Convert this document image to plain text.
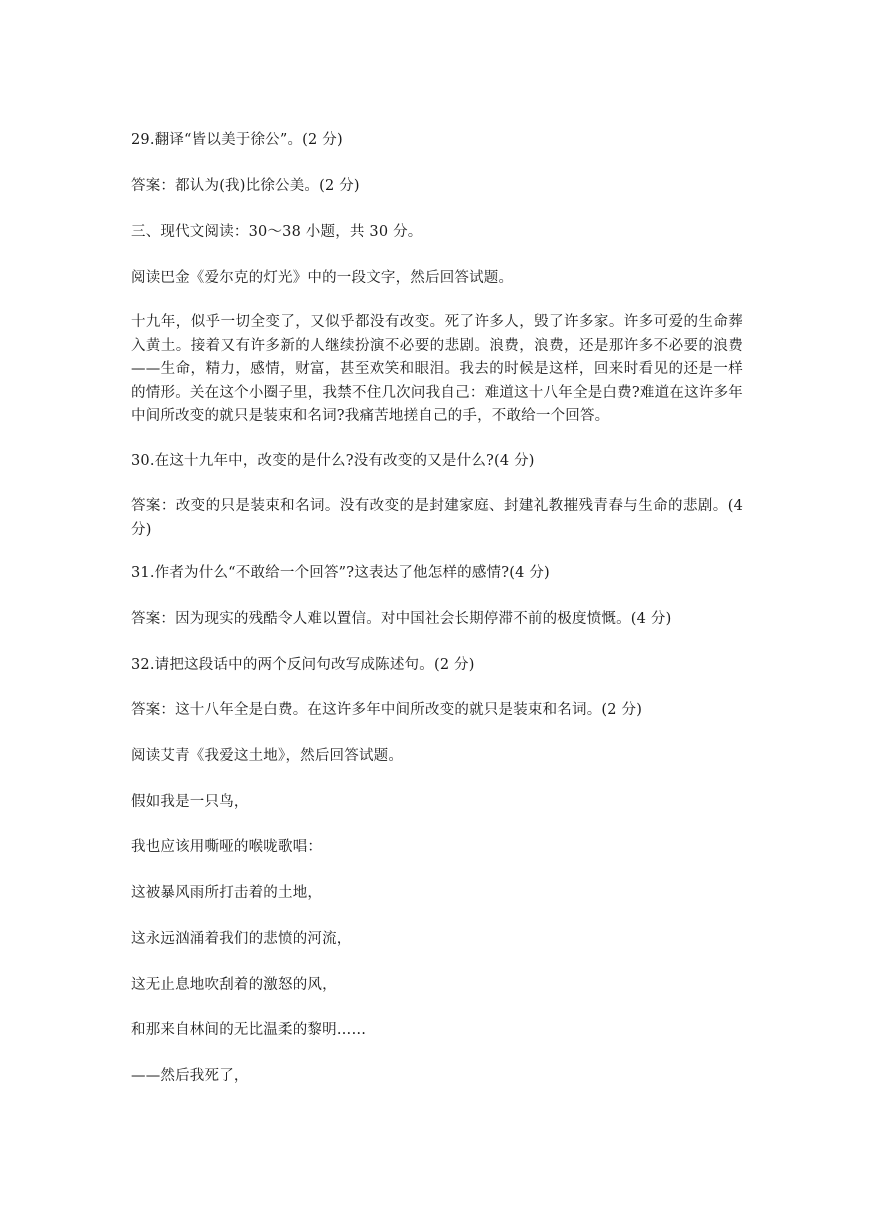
29.翻译“皆以美于徐公”。(2 分)
答案：都认为(我)比徐公美。(2 分)
三、现代文阅读：30～38 小题，共 30 分。
阅读巴金《爱尔克的灯光》中的一段文字，然后回答试题。
十九年，似乎一切全变了，又似乎都没有改变。死了许多人，毁了许多家。许多可爱的生命葬入黄土。接着又有许多新的人继续扮演不必要的悲剧。浪费，浪费，还是那许多不必要的浪费——生命，精力，感情，财富，甚至欢笑和眼泪。我去的时候是这样，回来时看见的还是一样的情形。关在这个小圈子里，我禁不住几次问我自己：难道这十八年全是白费?难道在这许多年中间所改变的就只是装束和名词?我痛苦地搓自己的手，不敢给一个回答。
30.在这十九年中，改变的是什么?没有改变的又是什么?(4 分)
答案：改变的只是装束和名词。没有改变的是封建家庭、封建礼教摧残青春与生命的悲剧。(4 分)
31.作者为什么“不敢给一个回答”?这表达了他怎样的感情?(4 分)
答案：因为现实的残酷令人难以置信。对中国社会长期停滞不前的极度愤慨。(4 分)
32.请把这段话中的两个反问句改写成陈述句。(2 分)
答案：这十八年全是白费。在这许多年中间所改变的就只是装束和名词。(2 分)
阅读艾青《我爱这土地》，然后回答试题。
假如我是一只鸟，
我也应该用嘶哑的喉咙歌唱：
这被暴风雨所打击着的土地，
这永远汹涌着我们的悲愤的河流，
这无止息地吹刮着的激怒的风，
和那来自林间的无比温柔的黎明……
——然后我死了，
